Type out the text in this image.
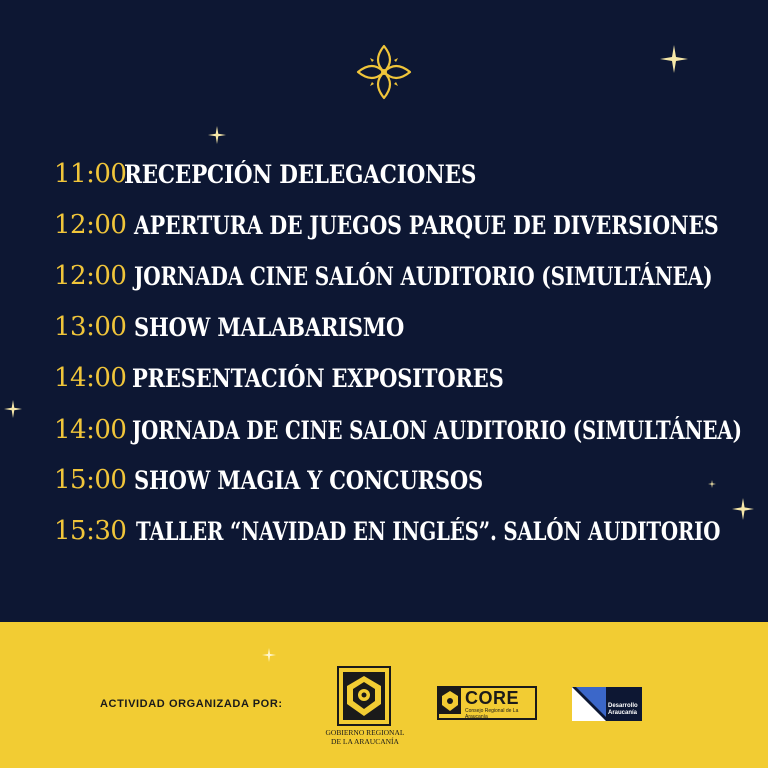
11:00
RECEPCIÓN DELEGACIONES
12:00 APERTURA DE JUEGOS PARQUE DE DIVERSIONES
12:00 JORNADA CINE SALÓN AUDITORIO (SIMULTÁNEA)
13:00 SHOW MALABARISMO
14:00 PRESENTACIÓN EXPOSITORES
14:00 JORNADA DE CINE SALON AUDITORIO (SIMULTÁNEA)
15:00 SHOW MAGIA Y CONCURSOS
15:30 TALLER “NAVIDAD EN INGLÉS”. SALÓN AUDITORIO
ACTIVIDAD ORGANIZADA POR:
GOBIERNO REGIONAL
DE LA ARAUCANÍA
CORE
Consejo Regional de La Araucanía
Desarrollo
Araucanía
